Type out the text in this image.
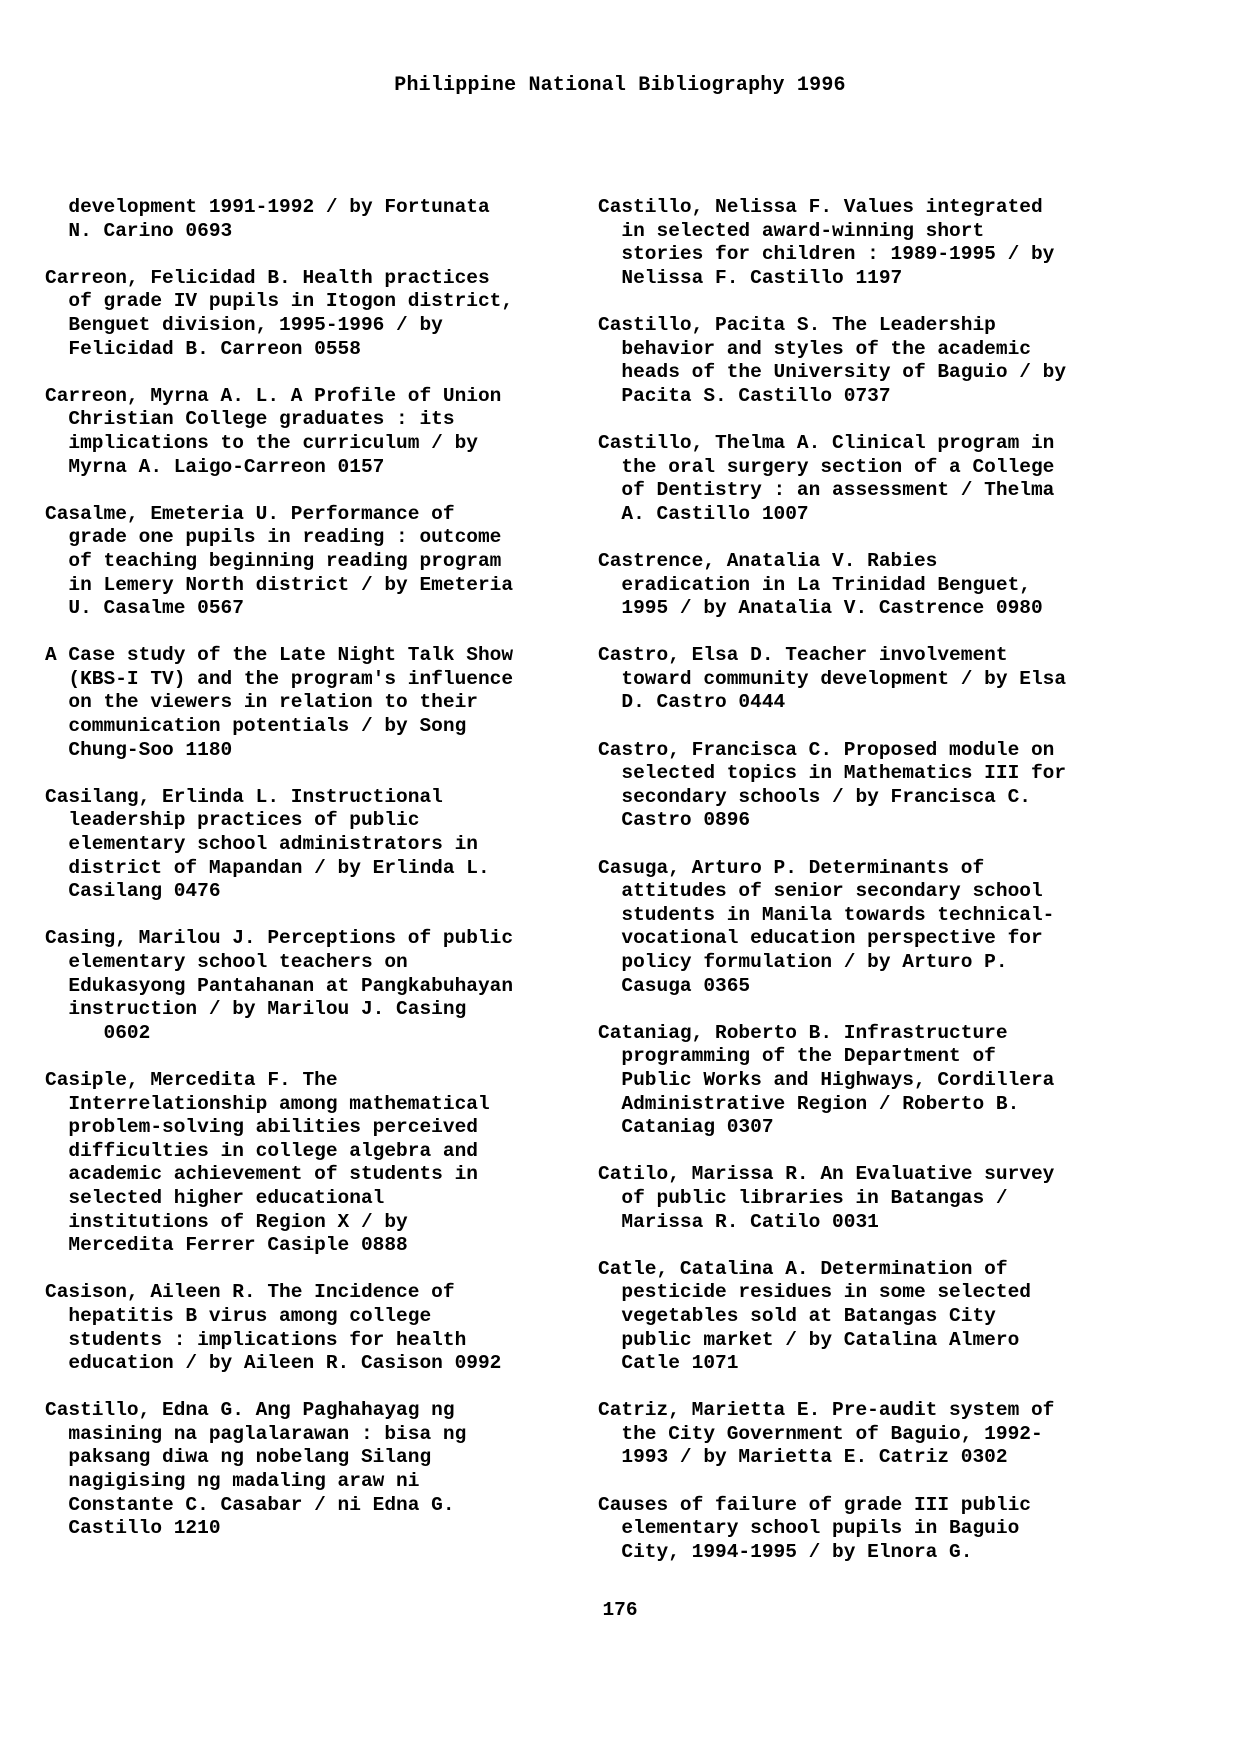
Philippine National Bibliography 1996
development 1991-1992 / by Fortunata
N. Carino 0693
Carreon, Felicidad B. Health practices
of grade IV pupils in Itogon district,
Benguet division, 1995-1996 / by
Felicidad B. Carreon 0558
Carreon, Myrna A. L. A Profile of Union
Christian College graduates : its
implications to the curriculum / by
Myrna A. Laigo-Carreon 0157
Casalme, Emeteria U. Performance of
grade one pupils in reading : outcome
of teaching beginning reading program
in Lemery North district / by Emeteria
U. Casalme 0567
A Case study of the Late Night Talk Show
(KBS-I TV) and the program's influence
on the viewers in relation to their
communication potentials / by Song
Chung-Soo 1180
Casilang, Erlinda L. Instructional
leadership practices of public
elementary school administrators in
district of Mapandan / by Erlinda L.
Casilang 0476
Casing, Marilou J. Perceptions of public
elementary school teachers on
Edukasyong Pantahanan at Pangkabuhayan
instruction / by Marilou J. Casing
0602
Casiple, Mercedita F. The
Interrelationship among mathematical
problem-solving abilities perceived
difficulties in college algebra and
academic achievement of students in
selected higher educational
institutions of Region X / by
Mercedita Ferrer Casiple 0888
Casison, Aileen R. The Incidence of
hepatitis B virus among college
students : implications for health
education / by Aileen R. Casison 0992
Castillo, Edna G. Ang Paghahayag ng
masining na paglalarawan : bisa ng
paksang diwa ng nobelang Silang
nagigising ng madaling araw ni
Constante C. Casabar / ni Edna G.
Castillo 1210
Castillo, Nelissa F. Values integrated
in selected award-winning short
stories for children : 1989-1995 / by
Nelissa F. Castillo 1197
Castillo, Pacita S. The Leadership
behavior and styles of the academic
heads of the University of Baguio / by
Pacita S. Castillo 0737
Castillo, Thelma A. Clinical program in
the oral surgery section of a College
of Dentistry : an assessment / Thelma
A. Castillo 1007
Castrence, Anatalia V. Rabies
eradication in La Trinidad Benguet,
1995 / by Anatalia V. Castrence 0980
Castro, Elsa D. Teacher involvement
toward community development / by Elsa
D. Castro 0444
Castro, Francisca C. Proposed module on
selected topics in Mathematics III for
secondary schools / by Francisca C.
Castro 0896
Casuga, Arturo P. Determinants of
attitudes of senior secondary school
students in Manila towards technical-
vocational education perspective for
policy formulation / by Arturo P.
Casuga 0365
Cataniag, Roberto B. Infrastructure
programming of the Department of
Public Works and Highways, Cordillera
Administrative Region / Roberto B.
Cataniag 0307
Catilo, Marissa R. An Evaluative survey
of public libraries in Batangas /
Marissa R. Catilo 0031
Catle, Catalina A. Determination of
pesticide residues in some selected
vegetables sold at Batangas City
public market / by Catalina Almero
Catle 1071
Catriz, Marietta E. Pre-audit system of
the City Government of Baguio, 1992-
1993 / by Marietta E. Catriz 0302
Causes of failure of grade III public
elementary school pupils in Baguio
City, 1994-1995 / by Elnora G.
176
